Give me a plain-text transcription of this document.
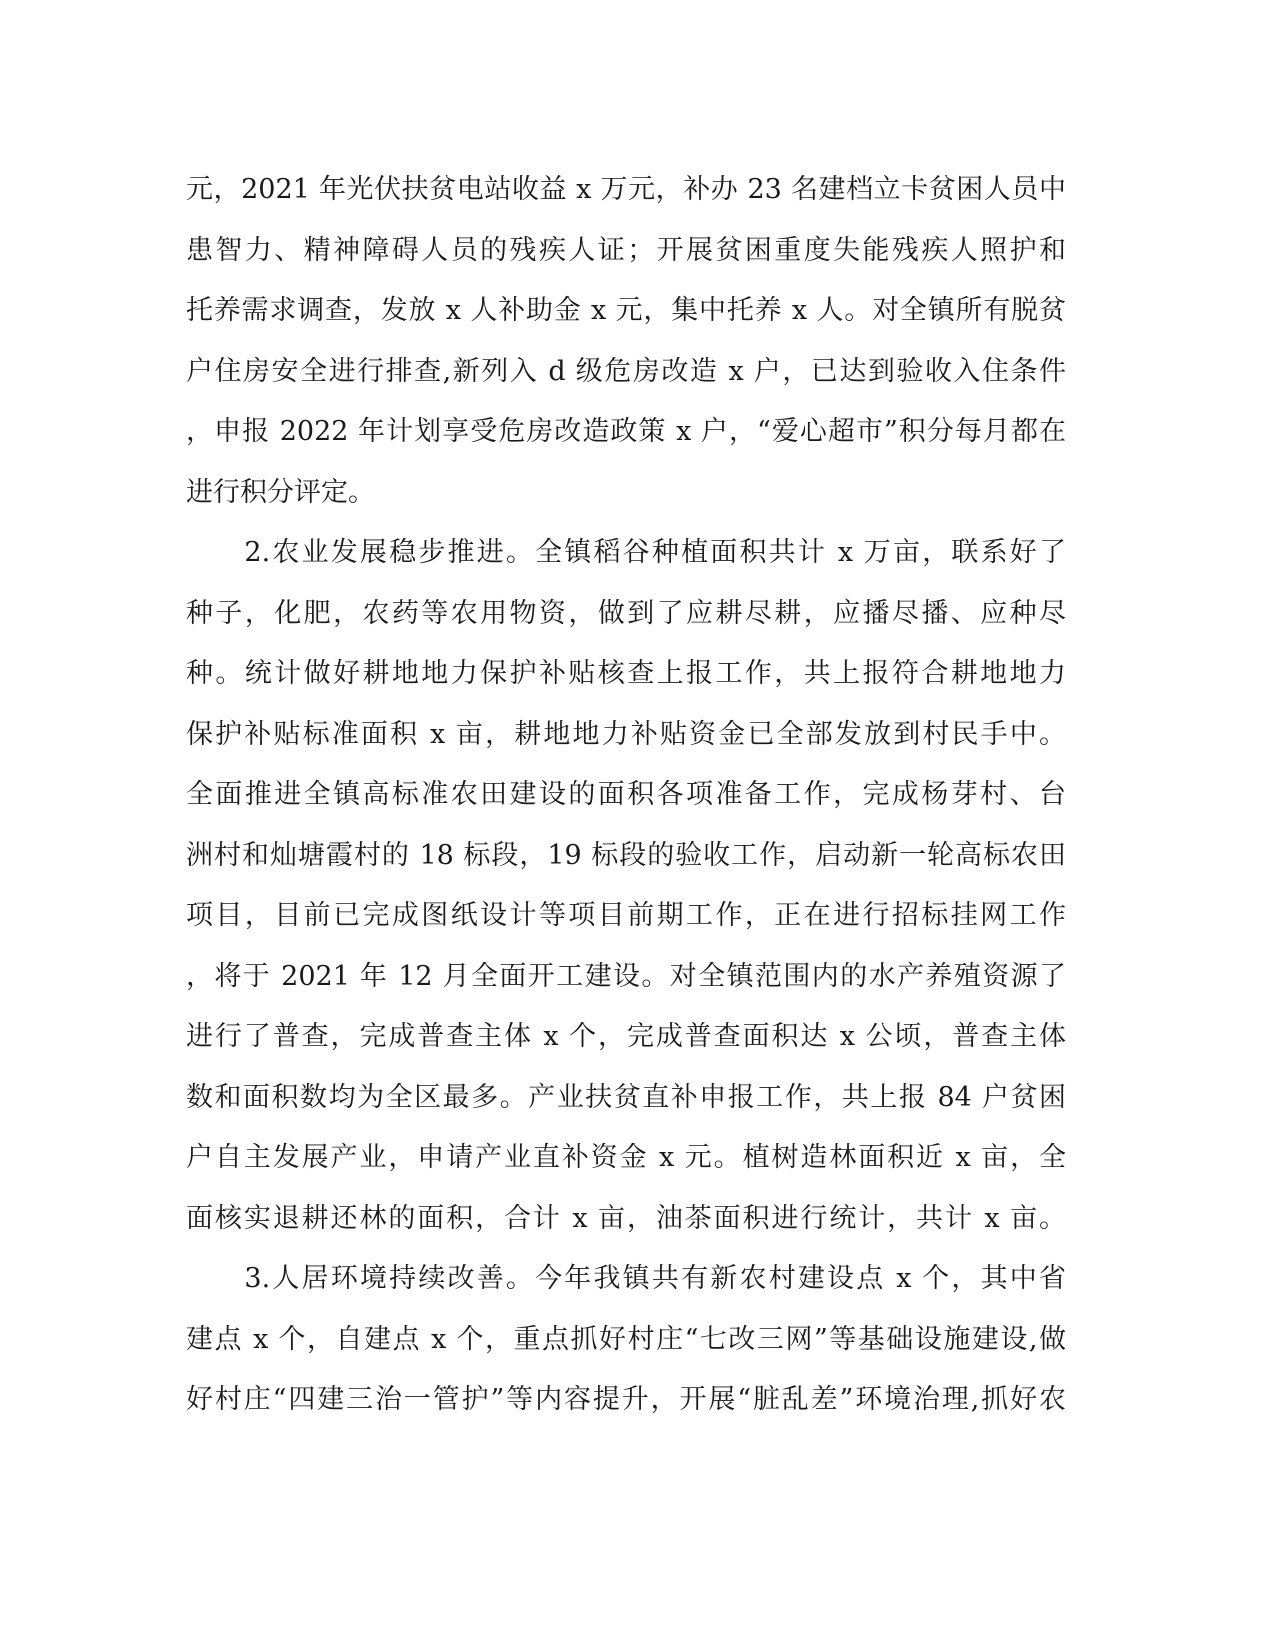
元，2021 年光伏扶贫电站收益 x 万元，补办 23 名建档立卡贫困人员中
患智力、精神障碍人员的残疾人证；开展贫困重度失能残疾人照护和
托养需求调查，发放 x 人补助金 x 元，集中托养 x 人。对全镇所有脱贫
户住房安全进行排查,新列入 d 级危房改造 x 户，已达到验收入住条件
，申报 2022 年计划享受危房改造政策 x 户，“爱心超市”积分每月都在
进行积分评定。
　　2.农业发展稳步推进。全镇稻谷种植面积共计 x 万亩，联系好了
种子，化肥，农药等农用物资，做到了应耕尽耕，应播尽播、应种尽
种。统计做好耕地地力保护补贴核查上报工作，共上报符合耕地地力
保护补贴标准面积 x 亩，耕地地力补贴资金已全部发放到村民手中。
全面推进全镇高标准农田建设的面积各项准备工作，完成杨芽村、台
洲村和灿塘霞村的 18 标段，19 标段的验收工作，启动新一轮高标农田
项目，目前已完成图纸设计等项目前期工作，正在进行招标挂网工作
，将于 2021 年 12 月全面开工建设。对全镇范围内的水产养殖资源了
进行了普查，完成普查主体 x 个，完成普查面积达 x 公顷，普查主体
数和面积数均为全区最多。产业扶贫直补申报工作，共上报 84 户贫困
户自主发展产业，申请产业直补资金 x 元。植树造林面积近 x 亩，全
面核实退耕还林的面积，合计 x 亩，油茶面积进行统计，共计 x 亩。
　　3.人居环境持续改善。今年我镇共有新农村建设点 x 个，其中省
建点 x 个，自建点 x 个，重点抓好村庄“七改三网”等基础设施建设,做
好村庄“四建三治一管护”等内容提升，开展“脏乱差”环境治理,抓好农
